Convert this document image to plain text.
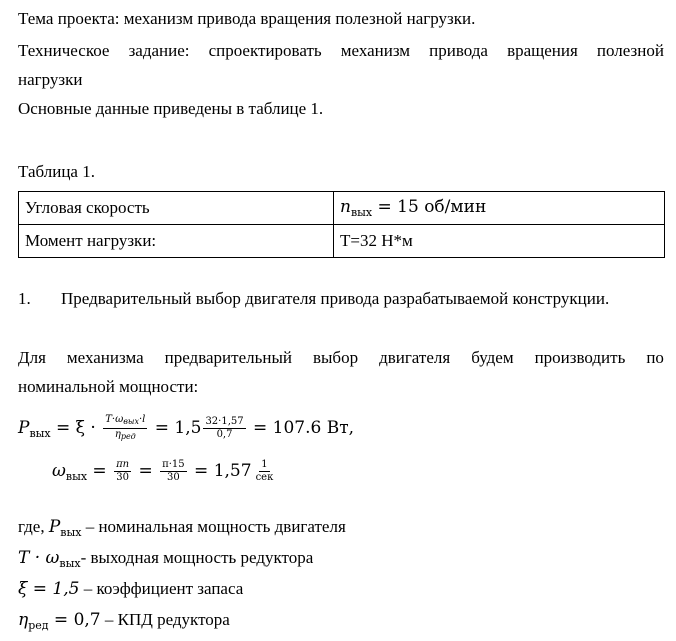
Тема проекта: механизм привода вращения полезной нагрузки.
Техническое задание: спроектировать механизм привода вращения полезной
нагрузки
Основные данные приведены в таблице 1.
Таблица 1.
Угловая скорость	$n_{вых} = 15$ об/мин
Момент нагрузки:	T=32 Н*м
1. Предварительный выбор двигателя привода разрабатываемой конструкции.
Для механизма предварительный выбор двигателя будем производить по
номинальной мощности:
$P_{вых} = \xi \cdot \frac{T\cdot\omega_{вых}\cdot l}{\eta_{ред}} = 1,5 \frac{32\cdot 1,57}{0,7} = 107.6$ Вт,
$\omega_{вых} = \frac{\pi n}{30} = \frac{\pi\cdot 15}{30} = 1,57 \frac{1}{\text{сек}}$
где, $P_{вых}$ – номинальная мощность двигателя
$T \cdot \omega_{вых}-$ выходная мощность редуктора
ξ = 1,5 – коэффициент запаса
$\eta_{ред} = 0,7$ – КПД редуктора
